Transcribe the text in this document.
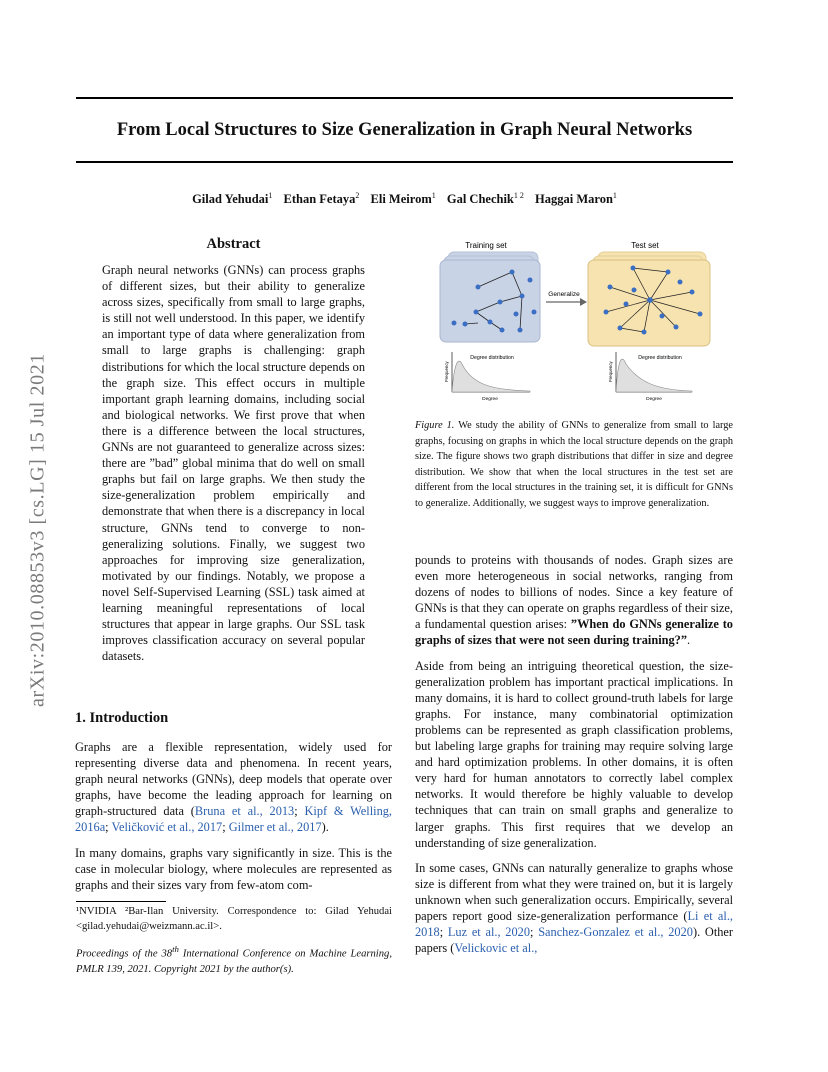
From Local Structures to Size Generalization in Graph Neural Networks
Gilad Yehudai$^1$ Ethan Fetaya$^2$ Eli Meirom$^1$ Gal Chechik$^{1 2}$ Haggai Maron$^1$
arXiv:2010.08853v3 [cs.LG] 15 Jul 2021
Abstract

Graph neural networks (GNNs) can process graphs of different sizes, but their ability to generalize across sizes, specifically from small to large graphs, is still not well understood. In this paper, we identify an important type of data where generalization from small to large graphs is challenging: graph distributions for which the local structure depends on the graph size. This effect occurs in multiple important graph learning domains, including social and biological networks. We first prove that when there is a difference between the local structures, GNNs are not guaranteed to generalize across sizes: there are ”bad” global minima that do well on small graphs but fail on large graphs. We then study the size-generalization problem empirically and demonstrate that when there is a discrepancy in local structure, GNNs tend to converge to non-generalizing solutions. Finally, we suggest two approaches for improving size generalization, motivated by our findings. Notably, we propose a novel Self-Supervised Learning (SSL) task aimed at learning meaningful representations of local structures that appear in large graphs. Our SSL task improves classification accuracy on several popular datasets.

1. Introduction

Graphs are a flexible representation, widely used for representing diverse data and phenomena. In recent years, graph neural networks (GNNs), deep models that operate over graphs, have become the leading approach for learning on graph-structured data (Bruna et al., 2013; Kipf & Welling, 2016a; Veličković et al., 2017; Gilmer et al., 2017).

In many domains, graphs vary significantly in size. This is the case in molecular biology, where molecules are represented as graphs and their sizes vary from few-atom com-

¹NVIDIA ²Bar-Ilan University. Correspondence to: Gilad Yehudai <gilad.yehudai@weizmann.ac.il>.
Proceedings of the 38th International Conference on Machine Learning, PMLR 139, 2021. Copyright 2021 by the author(s).
Training set	Test set
Generalize
Degree distribution
Degree
Frequency
Degree distribution
Degree
Frequency
Figure 1. We study the ability of GNNs to generalize from small to large graphs, focusing on graphs in which the local structure depends on the graph size. The figure shows two graph distributions that differ in size and degree distribution. We show that when the local structures in the test set are different from the local structures in the training set, it is difficult for GNNs to generalize. Additionally, we suggest ways to improve generalization.

pounds to proteins with thousands of nodes. Graph sizes are even more heterogeneous in social networks, ranging from dozens of nodes to billions of nodes. Since a key feature of GNNs is that they can operate on graphs regardless of their size, a fundamental question arises: ”When do GNNs generalize to graphs of sizes that were not seen during training?”.

Aside from being an intriguing theoretical question, the size-generalization problem has important practical implications. In many domains, it is hard to collect ground-truth labels for large graphs. For instance, many combinatorial optimization problems can be represented as graph classification problems, but labeling large graphs for training may require solving large and hard optimization problems. In other domains, it is often very hard for human annotators to correctly label complex networks. It would therefore be highly valuable to develop techniques that can train on small graphs and generalize to larger graphs. This first requires that we develop an understanding of size generalization.

In some cases, GNNs can naturally generalize to graphs whose size is different from what they were trained on, but it is largely unknown when such generalization occurs. Empirically, several papers report good size-generalization performance (Li et al., 2018; Luz et al., 2020; Sanchez-Gonzalez et al., 2020). Other papers (Velickovic et al.,
